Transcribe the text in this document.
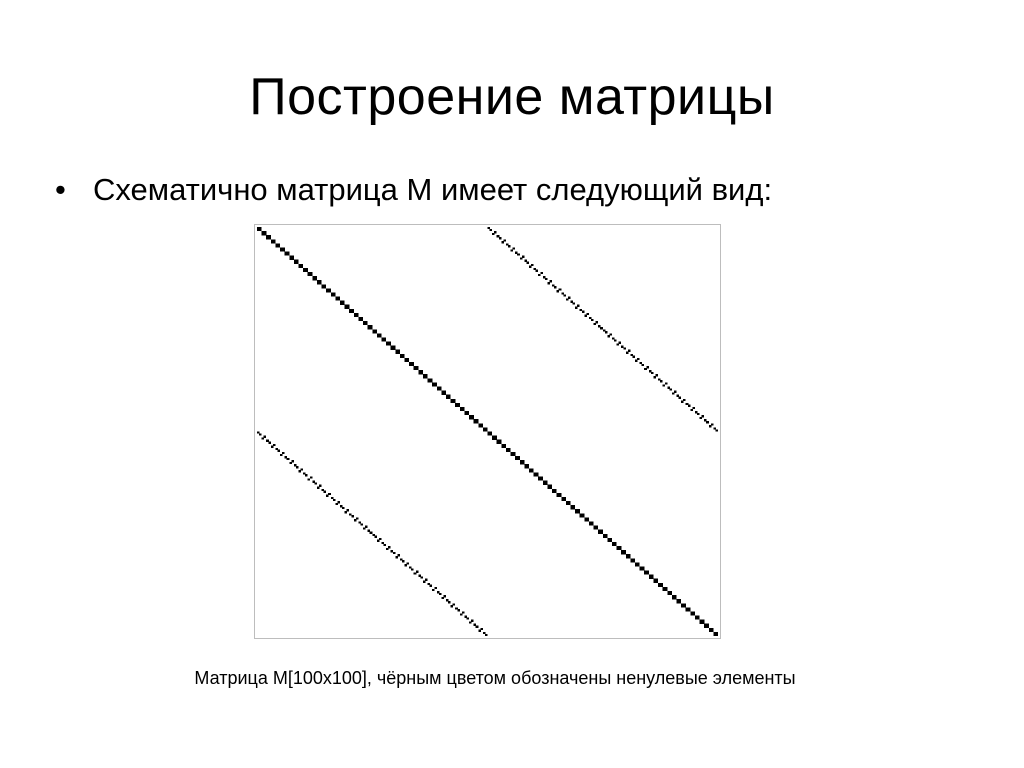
Построение матрицы
• Схематично матрица M имеет следующий вид:
Матрица M[100x100], чёрным цветом обозначены ненулевые элементы
